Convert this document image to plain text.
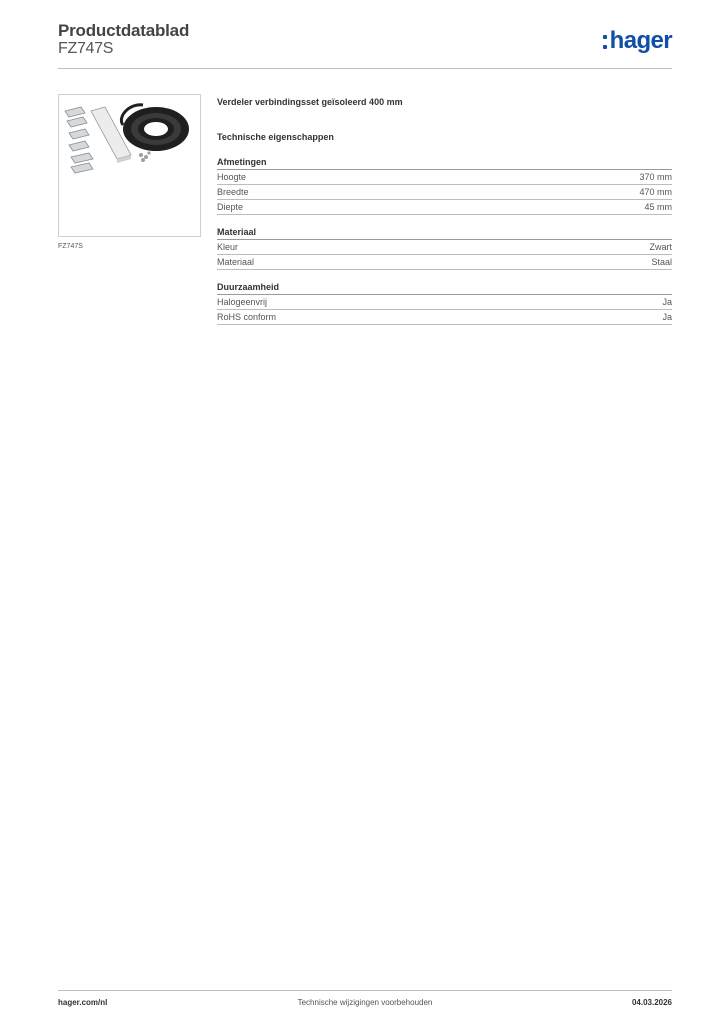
Productdatablad
FZ747S	hager
FZ747S
Verdeler verbindingsset geïsoleerd 400 mm
Technische eigenschappen
Afmetingen
Hoogte	370 mm
Breedte	470 mm
Diepte	45 mm
Materiaal
Kleur	Zwart
Materiaal	Staal
Duurzaamheid
Halogeenvrij	Ja
RoHS conform	Ja
hager.com/nl	Technische wijzigingen voorbehouden	04.03.2026
